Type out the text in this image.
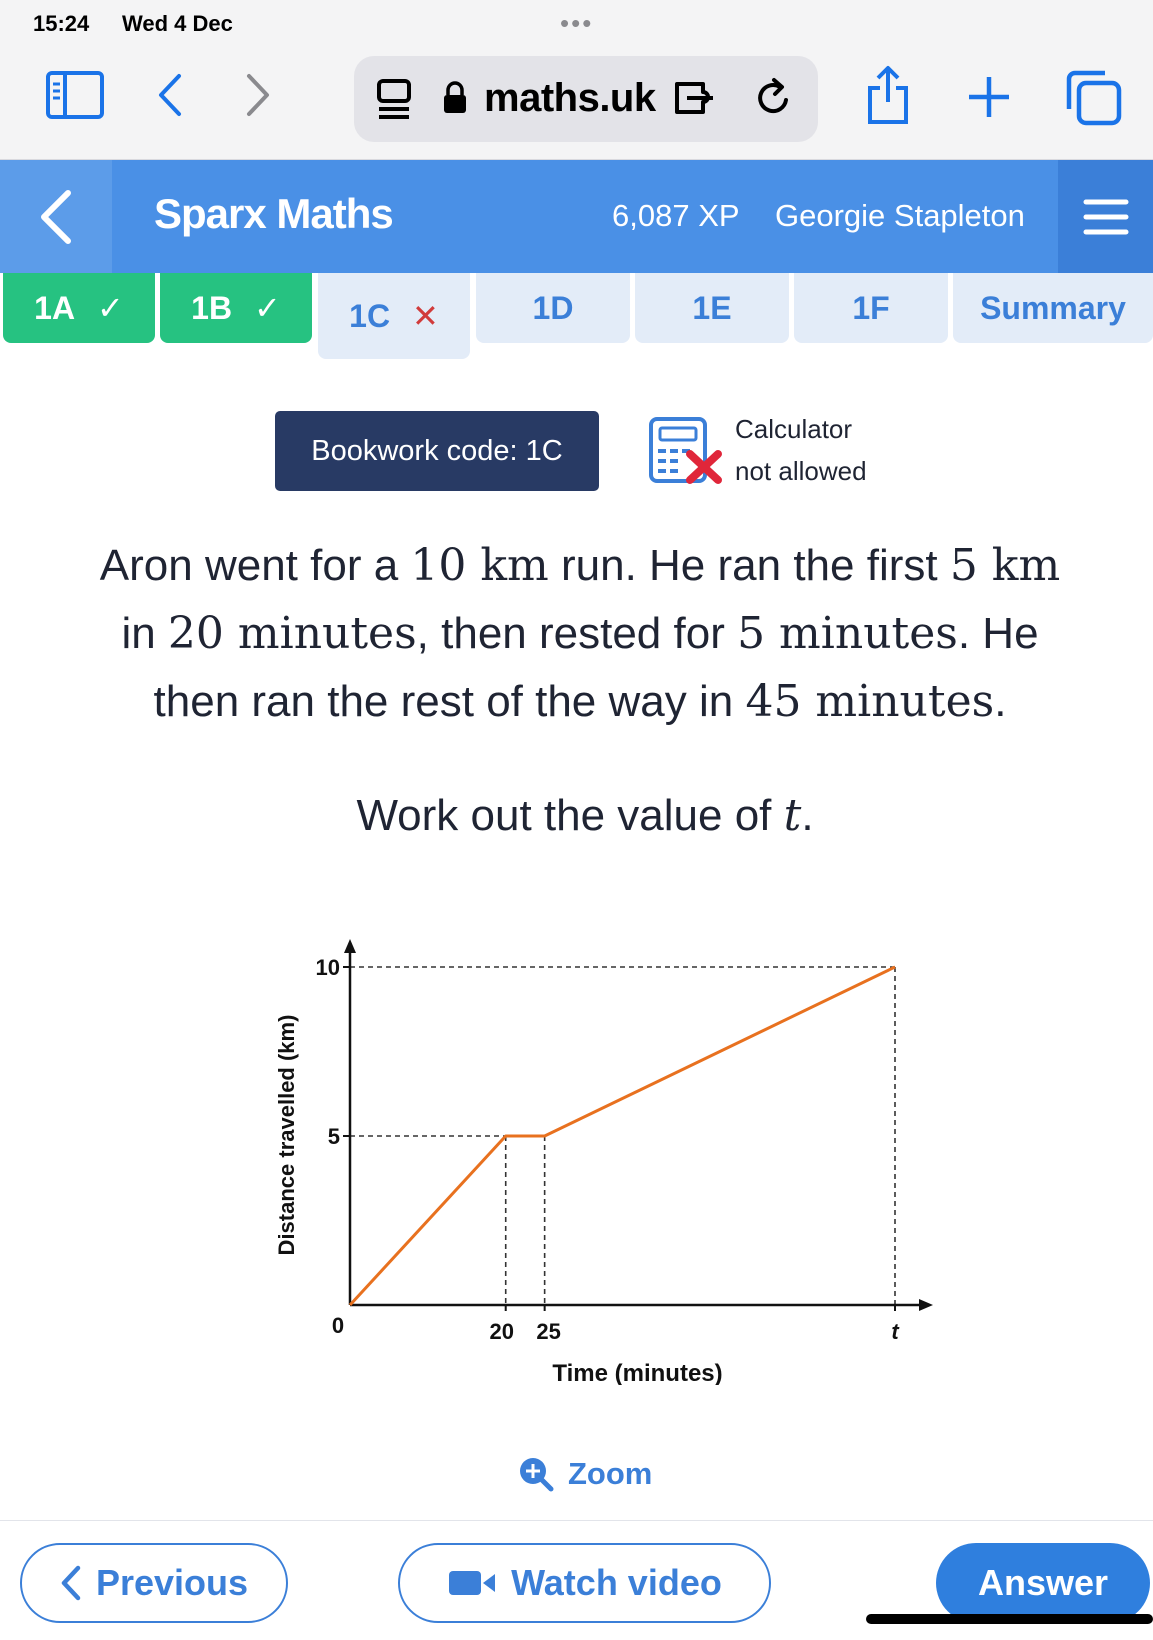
15:24 Wed 4 Dec	•••
maths.uk
Sparx Maths	6,087 XP Georgie Stapleton
1A ✓ 1B ✓ 1C ✕	1D	1E	1F	Summary
Bookwork code: 1C
Calculator
not allowed
Aron went for a 10 km run. He ran the first 5 km
in 20 minutes, then rested for 5 minutes. He
then ran the rest of the way in 45 minutes.
Work out the value of t.
10
5
0	20 25	t
Time (minutes)
Distance travelled (km)
Zoom
Previous	Watch video	Answer
